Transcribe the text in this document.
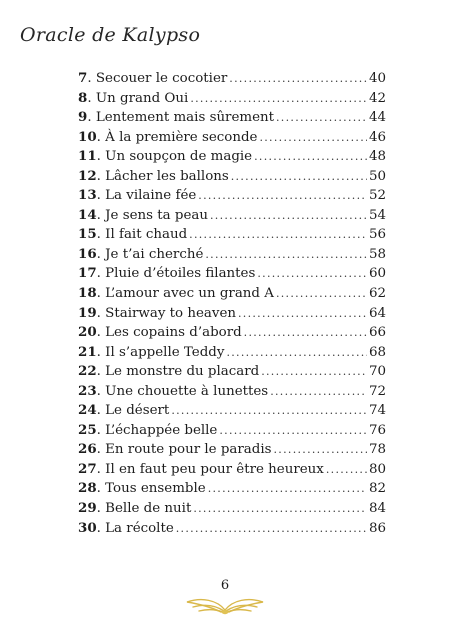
Oracle de Kalypso
7. Secouer le cocotier .....	40
8. Un grand Oui .....	42
9. Lentement mais sûrement .....	44
10. À la première seconde .....	46
11. Un soupçon de magie .....	48
12. Lâcher les ballons .....	50
13. La vilaine fée .....	52
14. Je sens ta peau .....	54
15. Il fait chaud .....	56
16. Je t’ai cherché .....	58
17. Pluie d’étoiles filantes .....	60
18. L’amour avec un grand A .....	62
19. Stairway to heaven .....	64
20. Les copains d’abord .....	66
21. Il s’appelle Teddy .....	68
22. Le monstre du placard .....	70
23. Une chouette à lunettes .....	72
24. Le désert .....	74
25. L’échappée belle .....	76
26. En route pour le paradis .....	78
27. Il en faut peu pour être heureux .....	80
28. Tous ensemble .....	82
29. Belle de nuit .....	84
30. La récolte .....	86
6
